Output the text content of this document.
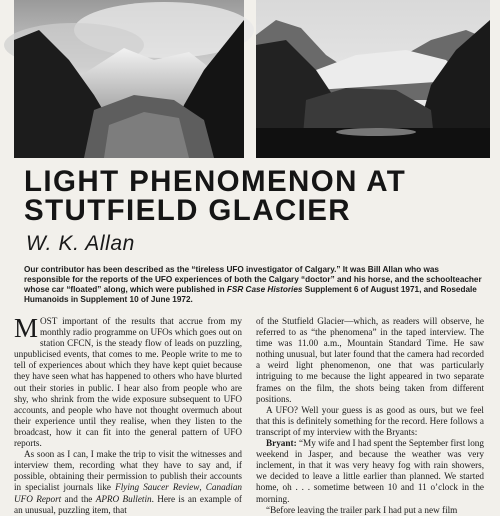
LIGHT PHENOMENON AT
STUTFIELD GLACIER

W. K. Allan

Our contributor has been described as the “tireless UFO investigator of Calgary.” It was Bill Allan who was responsible for the reports of the UFO experiences of both the Calgary “doctor” and his horse, and the schoolteacher whose car “floated” along, which were published in FSR Case Histories Supplement 6 of August 1971, and Rosedale Humanoids in Supplement 10 of June 1972.

MOST important of the results that accrue from my monthly radio programme on UFOs which goes out on station CFCN, is the steady flow of leads on puzzling, unpublicised events, that comes to me. People write to me to tell of experiences about which they have kept quiet because they have seen what has happened to others who have blurted out their stories in public. I hear also from people who are shy, who shrink from the wide exposure subsequent to UFO accounts, and people who have not thought overmuch about their experience until they realise, when they listen to the broadcast, how it can fit into the general pattern of UFO reports.

As soon as I can, I make the trip to visit the witnesses and interview them, recording what they have to say and, if possible, obtaining their permission to publish their accounts in specialist journals like Flying Saucer Review, Canadian UFO Report and the APRO Bulletin. Here is an example of an unusual, puzzling item, that

of the Stutfield Glacier—which, as readers will observe, he referred to as “the phenomena” in the taped interview. The time was 11.00 a.m., Mountain Standard Time. He saw nothing unusual, but later found that the camera had recorded a weird light phenomenon, one that was particularly intriguing to me because the light appeared in two separate frames on the film, the shots being taken from different positions.

A UFO? Well your guess is as good as ours, but we feel that this is definitely something for the record. Here follows a transcript of my interview with the Bryants:

Bryant: “My wife and I had spent the September first long weekend in Jasper, and because the weather was very inclement, in that it was very heavy fog with rain showers, we decided to leave a little earlier than planned. We started home, oh . . . sometime between 10 and 11 o’clock in the morning.

“Before leaving the trailer park I had put a new film
